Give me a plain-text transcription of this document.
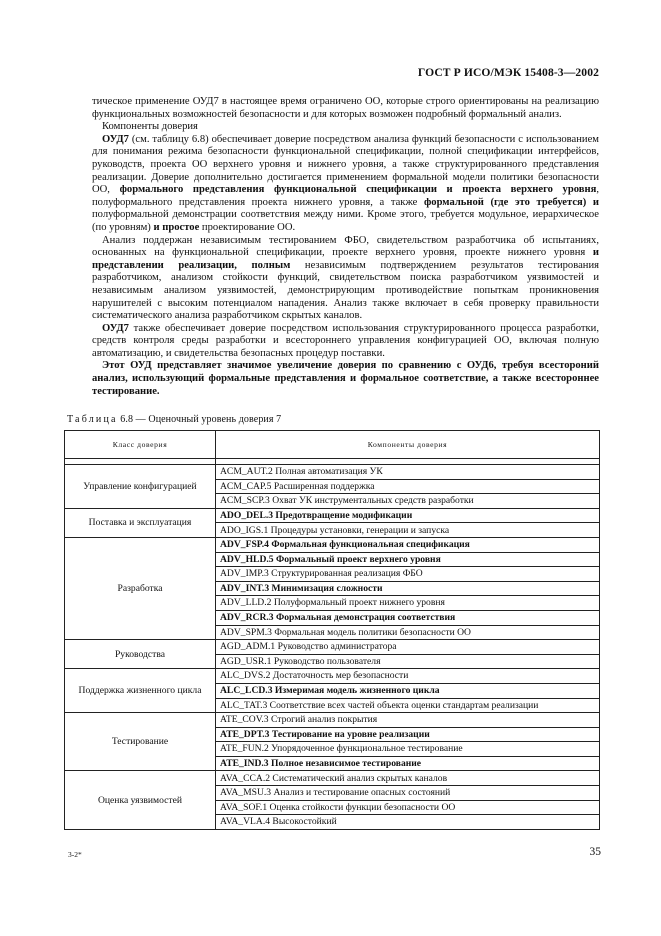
ГОСТ Р ИСО/МЭК 15408-3—2002

тическое применение ОУД7 в настоящее время ограничено ОО, которые строго ориентированы на реализацию функциональных возможностей безопасности и для которых возможен подробный формальный анализ.

Компоненты доверия

ОУД7 (см. таблицу 6.8) обеспечивает доверие посредством анализа функций безопасности с использованием для понимания режима безопасности функциональной спецификации, полной спецификации интерфейсов, руководств, проекта ОО верхнего уровня и нижнего уровня, а также структурированного представления реализации. Доверие дополнительно достигается применением формальной модели политики безопасности ОО, формального представления функциональной спецификации и проекта верхнего уровня, полуформального представления проекта нижнего уровня, а также формальной (где это требуется) и полуформальной демонстрации соответствия между ними. Кроме этого, требуется модульное, иерархическое (по уровням) и простое проектирование ОО.

Анализ поддержан независимым тестированием ФБО, свидетельством разработчика об испытаниях, основанных на функциональной спецификации, проекте верхнего уровня, проекте нижнего уровня и представлении реализации, полным независимым подтверждением результатов тестирования разработчиком, анализом стойкости функций, свидетельством поиска разработчиком уязвимостей и независимым анализом уязвимостей, демонстрирующим противодействие попыткам проникновения нарушителей с высоким потенциалом нападения. Анализ также включает в себя проверку правильности систематического анализа разработчиком скрытых каналов.

ОУД7 также обеспечивает доверие посредством использования структурированного процесса разработки, средств контроля среды разработки и всестороннего управления конфигурацией ОО, включая полную автоматизацию, и свидетельства безопасных процедур поставки.

Этот ОУД представляет значимое увеличение доверия по сравнению с ОУД6, требуя всестороний анализ, использующий формальные представления и формальное соответствие, а также всестороннее тестирование.

Таблица 6.8 — Оценочный уровень доверия 7
Класс доверия	Компоненты доверия

Управление конфигурацией	ACM_AUT.2 Полная автоматизация УК
	ACM_CAP.5 Расширенная поддержка
	ACM_SCP.3 Охват УК инструментальных средств разработки
Поставка и эксплуатация	ADO_DEL.3 Предотвращение модификации
	ADO_IGS.1 Процедуры установки, генерации и запуска
Разработка	ADV_FSP.4 Формальная функциональная спецификация
	ADV_HLD.5 Формальный проект верхнего уровня
	ADV_IMP.3 Структурированная реализация ФБО
	ADV_INT.3 Минимизация сложности
	ADV_LLD.2 Полуформальный проект нижнего уровня
	ADV_RCR.3 Формальная демонстрация соответствия
	ADV_SPM.3 Формальная модель политики безопасности ОО
Руководства	AGD_ADM.1 Руководство администратора
	AGD_USR.1 Руководство пользователя
Поддержка жизненного цикла	ALC_DVS.2 Достаточность мер безопасности
	ALC_LCD.3 Измеримая модель жизненного цикла
	ALC_TAT.3 Соответствие всех частей объекта оценки стандартам реализации
Тестирование	ATE_COV.3 Строгий анализ покрытия
	ATE_DPT.3 Тестирование на уровне реализации
	ATE_FUN.2 Упорядоченное функциональное тестирование
	ATE_IND.3 Полное независимое тестирование
Оценка уязвимостей	AVA_CCA.2 Систематический анализ скрытых каналов
	AVA_MSU.3 Анализ и тестирование опасных состояний
	AVA_SOF.1 Оценка стойкости функции безопасности ОО
	AVA_VLA.4 Высокостойкий
3-2*	35
